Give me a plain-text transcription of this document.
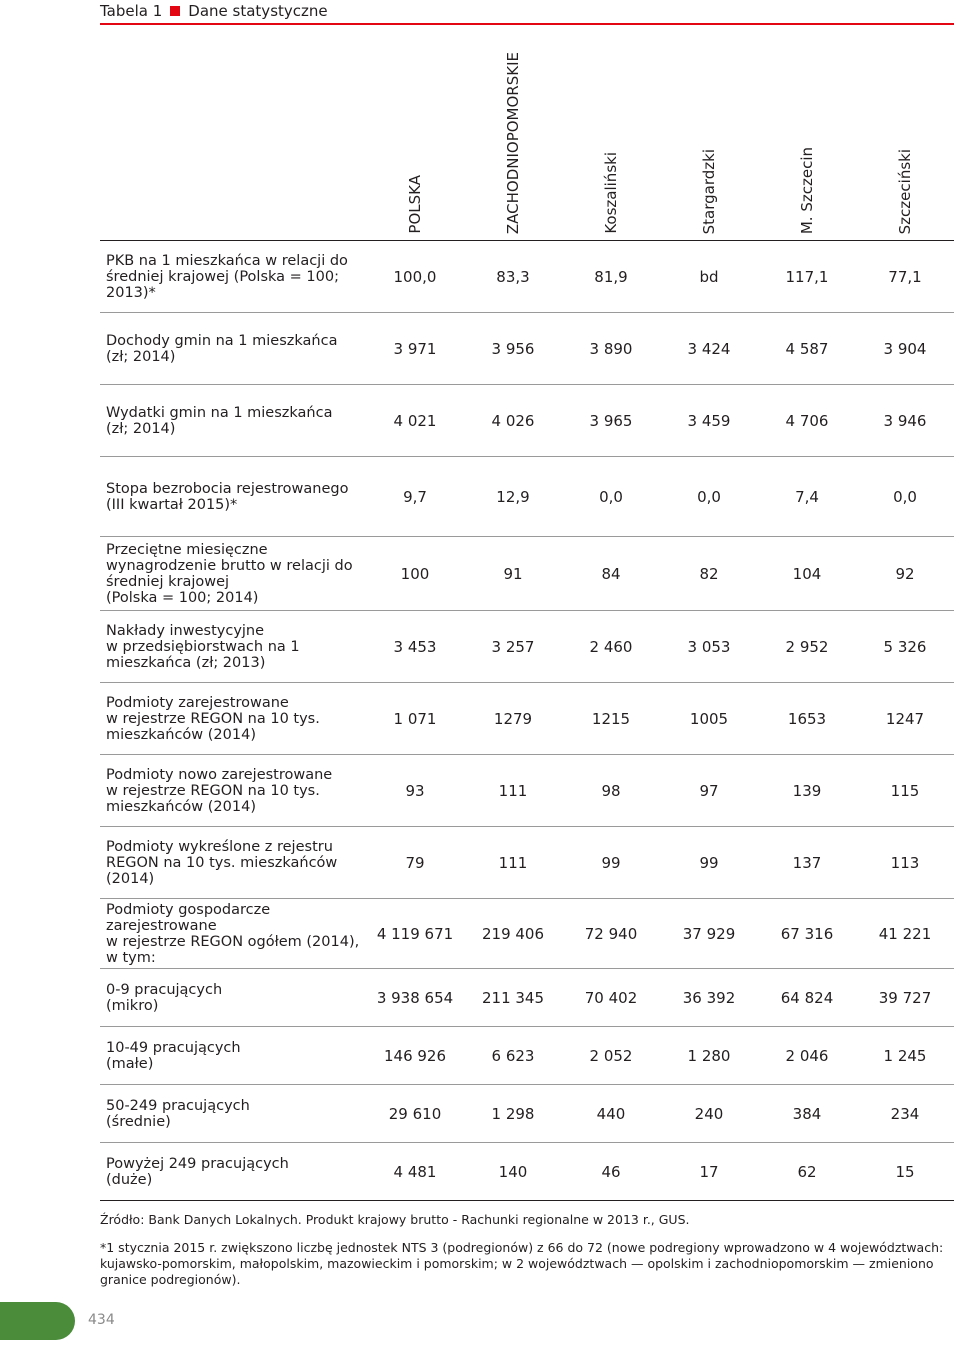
Tabela 1 Dane statystyczne

	POLSKA	ZACHODNIOPOMORSKIE	Koszaliński	Stargardzki	M. Szczecin	Szczeciński

PKB na 1 mieszkańca w relacji do
średniej krajowej (Polska = 100;
2013)*	100,0	83,3	81,9	bd	117,1	77,1
Dochody gmin na 1 mieszkańca
(zł; 2014)	3 971	3 956	3 890	3 424	4 587	3 904
Wydatki gmin na 1 mieszkańca
(zł; 2014)	4 021	4 026	3 965	3 459	4 706	3 946
Stopa bezrobocia rejestrowanego
(III kwartał 2015)*	9,7	12,9	0,0	0,0	7,4	0,0
Przeciętne miesięczne
wynagrodzenie brutto w relacji do
średniej krajowej
(Polska = 100; 2014)	100	91	84	82	104	92
Nakłady inwestycyjne
w przedsiębiorstwach na 1
mieszkańca (zł; 2013)	3 453	3 257	2 460	3 053	2 952	5 326
Podmioty zarejestrowane
w rejestrze REGON na 10 tys.
mieszkańców (2014)	1 071	1279	1215	1005	1653	1247
Podmioty nowo zarejestrowane
w rejestrze REGON na 10 tys.
mieszkańców (2014)	93	111	98	97	139	115
Podmioty wykreślone z rejestru
REGON na 10 tys. mieszkańców
(2014)	79	111	99	99	137	113
Podmioty gospodarcze
zarejestrowane
w rejestrze REGON ogółem (2014),
w tym:	4 119 671	219 406	72 940	37 929	67 316	41 221
0-9 pracujących
(mikro)	3 938 654	211 345	70 402	36 392	64 824	39 727
10-49 pracujących
(małe)	146 926	6 623	2 052	1 280	2 046	1 245
50-249 pracujących
(średnie)	29 610	1 298	440	240	384	234
Powyżej 249 pracujących
(duże)	4 481	140	46	17	62	15
Źródło: Bank Danych Lokalnych. Produkt krajowy brutto - Rachunki regionalne w 2013 r., GUS.
*1 stycznia 2015 r. zwiększono liczbę jednostek NTS 3 (podregionów) z 66 do 72 (nowe podregiony wprowadzono w 4 województwach: kujawsko-pomorskim, małopolskim, mazowieckim i pomorskim; w 2 województwach — opolskim i zachodniopomorskim — zmieniono granice podregionów).
434
